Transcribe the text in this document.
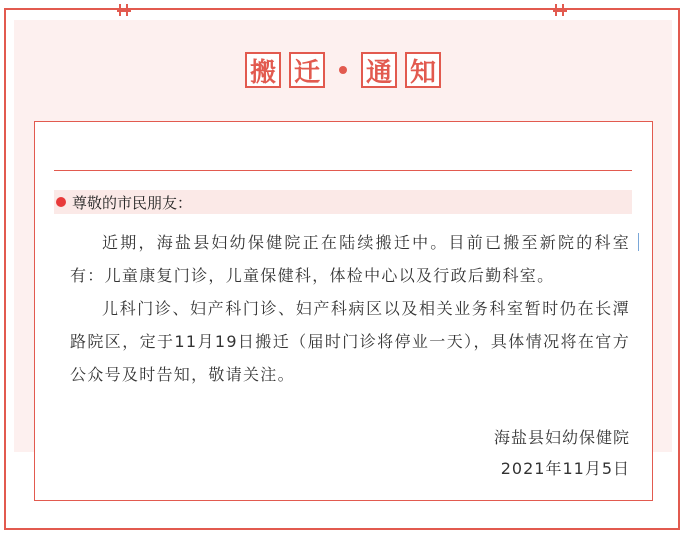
搬 迁 通 知
尊敬的市民朋友：

近期，海盐县妇幼保健院正在陆续搬迁中。目前已搬至新院的科室有：儿童康复门诊，儿童保健科，体检中心以及行政后勤科室。

儿科门诊、妇产科门诊、妇产科病区以及相关业务科室暂时仍在长潭路院区，定于11月19日搬迁（届时门诊将停业一天），具体情况将在官方公众号及时告知，敬请关注。

海盐县妇幼保健院
2021年11月5日
